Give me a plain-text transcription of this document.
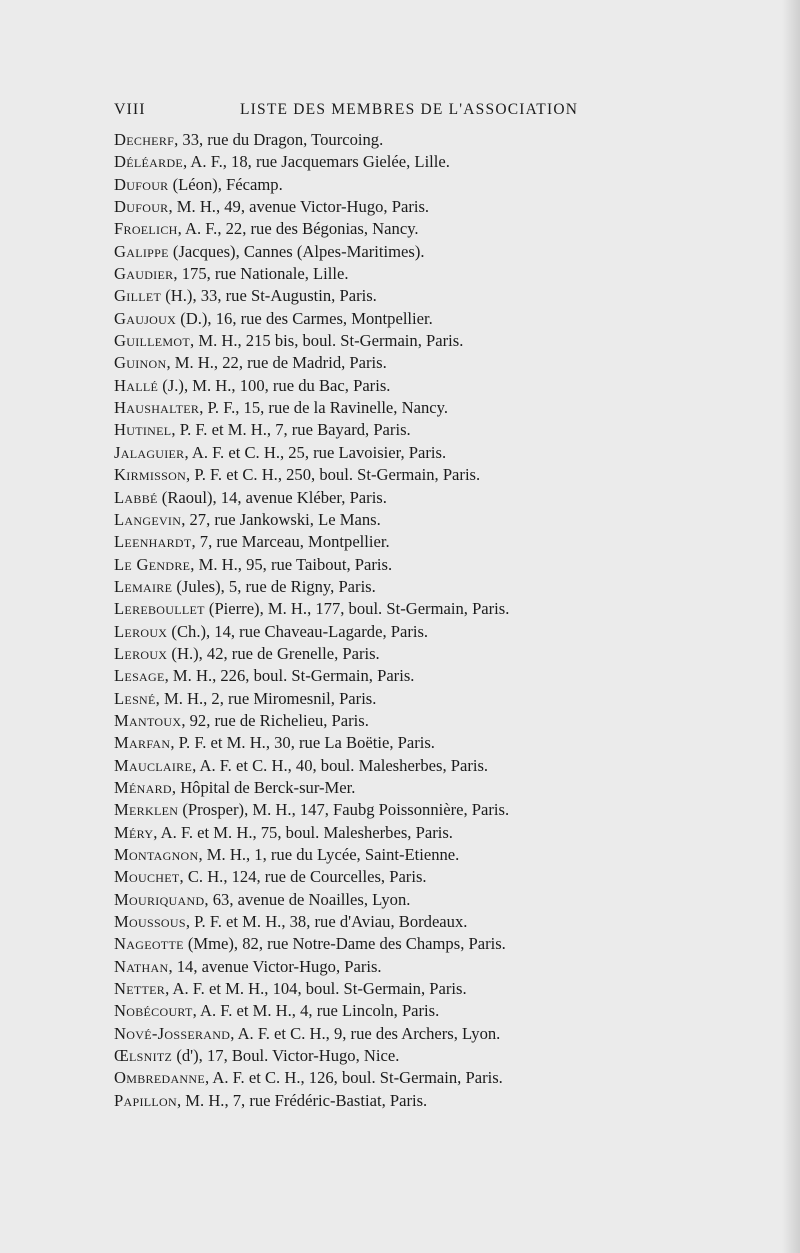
VIII	LISTE DES MEMBRES DE L'ASSOCIATION
Decherf, 33, rue du Dragon, Tourcoing.
Déléarde, A. F., 18, rue Jacquemars Gielée, Lille.
Dufour (Léon), Fécamp.
Dufour, M. H., 49, avenue Victor-Hugo, Paris.
Froelich, A. F., 22, rue des Bégonias, Nancy.
Galippe (Jacques), Cannes (Alpes-Maritimes).
Gaudier, 175, rue Nationale, Lille.
Gillet (H.), 33, rue St-Augustin, Paris.
Gaujoux (D.), 16, rue des Carmes, Montpellier.
Guillemot, M. H., 215 bis, boul. St-Germain, Paris.
Guinon, M. H., 22, rue de Madrid, Paris.
Hallé (J.), M. H., 100, rue du Bac, Paris.
Haushalter, P. F., 15, rue de la Ravinelle, Nancy.
Hutinel, P. F. et M. H., 7, rue Bayard, Paris.
Jalaguier, A. F. et C. H., 25, rue Lavoisier, Paris.
Kirmisson, P. F. et C. H., 250, boul. St-Germain, Paris.
Labbé (Raoul), 14, avenue Kléber, Paris.
Langevin, 27, rue Jankowski, Le Mans.
Leenhardt, 7, rue Marceau, Montpellier.
Le Gendre, M. H., 95, rue Taibout, Paris.
Lemaire (Jules), 5, rue de Rigny, Paris.
Lereboullet (Pierre), M. H., 177, boul. St-Germain, Paris.
Leroux (Ch.), 14, rue Chaveau-Lagarde, Paris.
Leroux (H.), 42, rue de Grenelle, Paris.
Lesage, M. H., 226, boul. St-Germain, Paris.
Lesné, M. H., 2, rue Miromesnil, Paris.
Mantoux, 92, rue de Richelieu, Paris.
Marfan, P. F. et M. H., 30, rue La Boëtie, Paris.
Mauclaire, A. F. et C. H., 40, boul. Malesherbes, Paris.
Ménard, Hôpital de Berck-sur-Mer.
Merklen (Prosper), M. H., 147, Faubg Poissonnière, Paris.
Méry, A. F. et M. H., 75, boul. Malesherbes, Paris.
Montagnon, M. H., 1, rue du Lycée, Saint-Etienne.
Mouchet, C. H., 124, rue de Courcelles, Paris.
Mouriquand, 63, avenue de Noailles, Lyon.
Moussous, P. F. et M. H., 38, rue d'Aviau, Bordeaux.
Nageotte (Mme), 82, rue Notre-Dame des Champs, Paris.
Nathan, 14, avenue Victor-Hugo, Paris.
Netter, A. F. et M. H., 104, boul. St-Germain, Paris.
Nobécourt, A. F. et M. H., 4, rue Lincoln, Paris.
Nové-Josserand, A. F. et C. H., 9, rue des Archers, Lyon.
Œlsnitz (d'), 17, Boul. Victor-Hugo, Nice.
Ombredanne, A. F. et C. H., 126, boul. St-Germain, Paris.
Papillon, M. H., 7, rue Frédéric-Bastiat, Paris.
